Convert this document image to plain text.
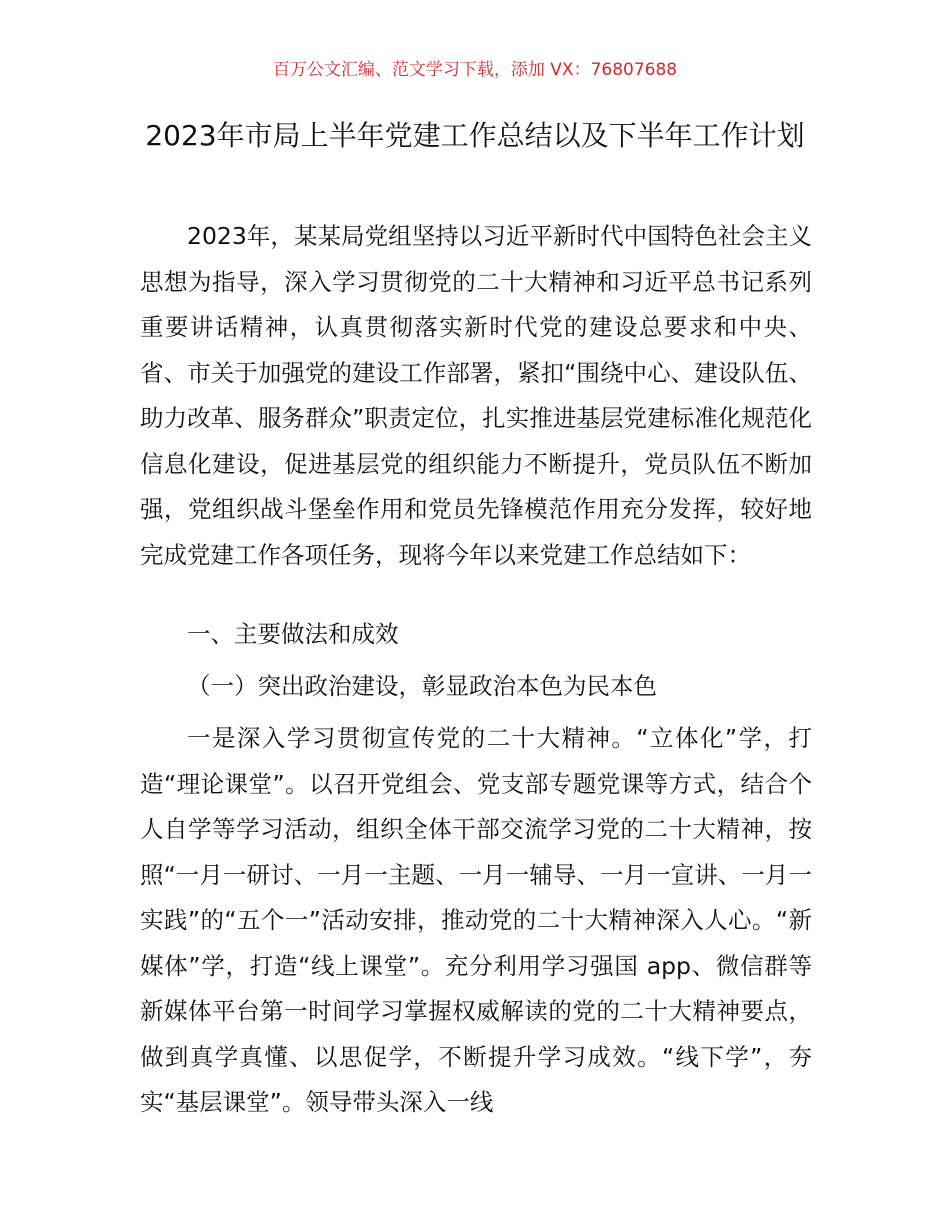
百万公文汇编、范文学习下载，添加 VX：76807688
2023年市局上半年党建工作总结以及下半年工作计划

2023年，某某局党组坚持以习近平新时代中国特色社会主义思想为指导，深入学习贯彻党的二十大精神和习近平总书记系列重要讲话精神，认真贯彻落实新时代党的建设总要求和中央、省、市关于加强党的建设工作部署，紧扣“围绕中心、建设队伍、助力改革、服务群众”职责定位，扎实推进基层党建标准化规范化信息化建设，促进基层党的组织能力不断提升，党员队伍不断加强，党组织战斗堡垒作用和党员先锋模范作用充分发挥，较好地完成党建工作各项任务，现将今年以来党建工作总结如下：

一、主要做法和成效
（一）突出政治建设，彰显政治本色为民本色

一是深入学习贯彻宣传党的二十大精神。“立体化”学，打造“理论课堂”。以召开党组会、党支部专题党课等方式，结合个人自学等学习活动，组织全体干部交流学习党的二十大精神，按照“一月一研讨、一月一主题、一月一辅导、一月一宣讲、一月一实践”的“五个一”活动安排，推动党的二十大精神深入人心。“新媒体”学，打造“线上课堂”。充分利用学习强国 app、微信群等新媒体平台第一时间学习掌握权威解读的党的二十大精神要点，做到真学真懂、以思促学，不断提升学习成效。“线下学”，夯实“基层课堂”。领导带头深入一线
